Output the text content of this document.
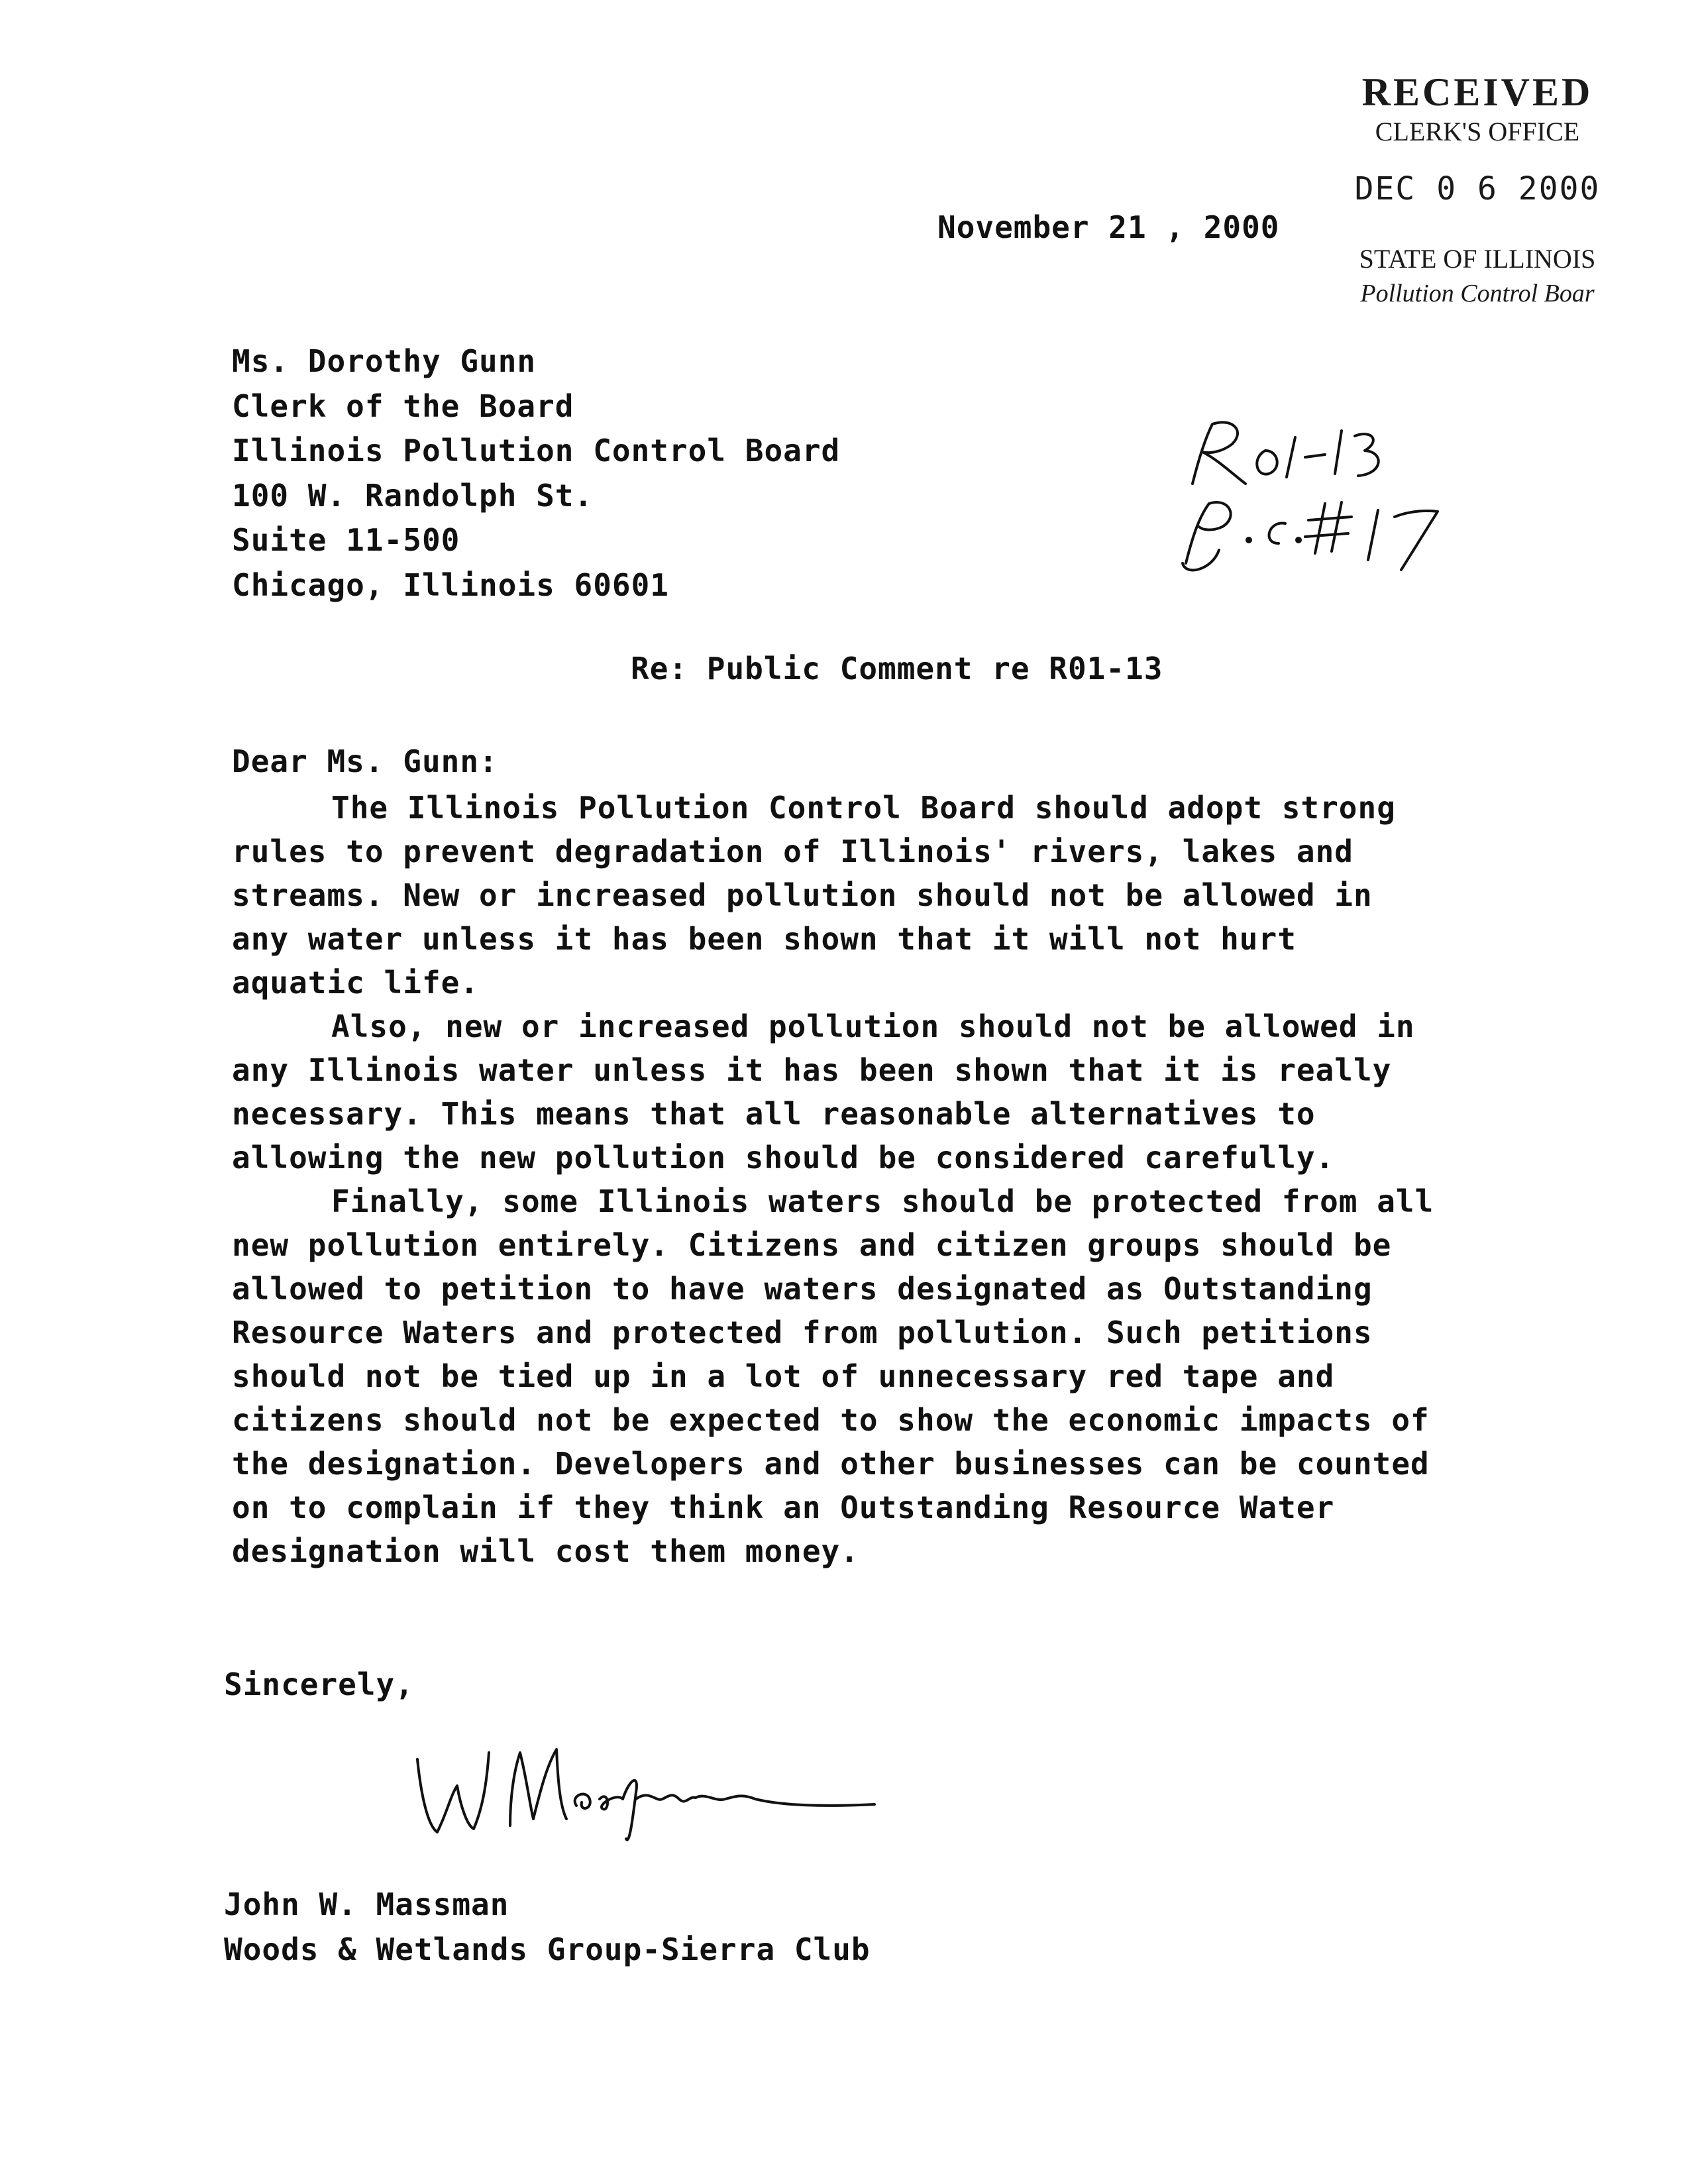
RECEIVED
CLERK'S OFFICE
DEC 0 6 2000
STATE OF ILLINOIS
Pollution Control Boar
November 21 , 2000
Ms. Dorothy Gunn
Clerk of the Board
Illinois Pollution Control Board
100 W. Randolph St.
Suite 11-500
Chicago, Illinois 60601
Re: Public Comment re R01-13
Dear Ms. Gunn:

The Illinois Pollution Control Board should adopt strong rules to prevent degradation of Illinois' rivers, lakes and streams. New or increased pollution should not be allowed in any water unless it has been shown that it will not hurt aquatic life.

Also, new or increased pollution should not be allowed in any Illinois water unless it has been shown that it is really necessary. This means that all reasonable alternatives to allowing the new pollution should be considered carefully.

Finally, some Illinois waters should be protected from all new pollution entirely. Citizens and citizen groups should be allowed to petition to have waters designated as Outstanding Resource Waters and protected from pollution. Such petitions should not be tied up in a lot of unnecessary red tape and citizens should not be expected to show the economic impacts of the designation. Developers and other businesses can be counted on to complain if they think an Outstanding Resource Water designation will cost them money.

Sincerely,
John W. Massman
Woods & Wetlands Group-Sierra Club
